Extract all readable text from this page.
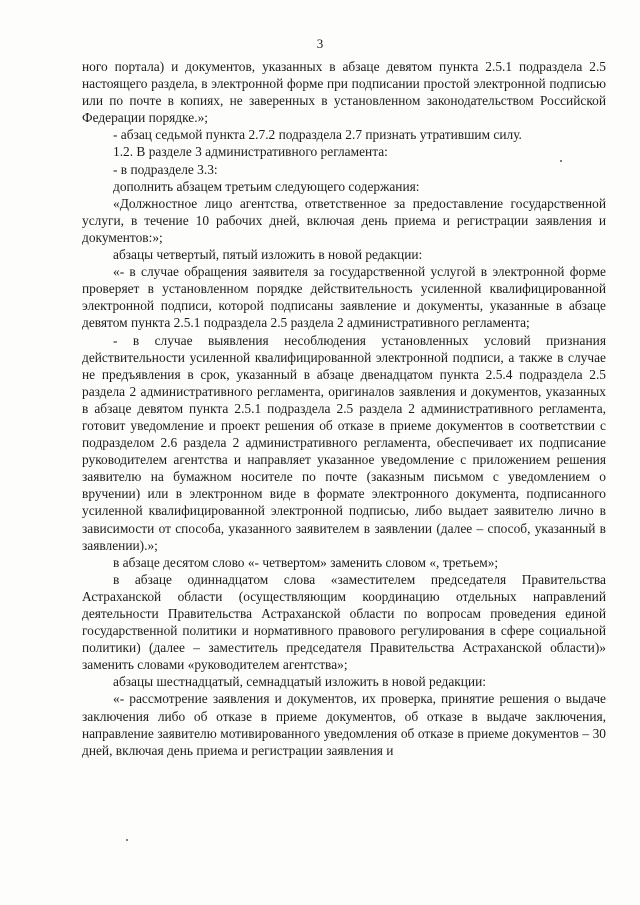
3

ного портала) и документов, указанных в абзаце девятом пункта 2.5.1 подраздела 2.5 настоящего раздела, в электронной форме при подписании простой электронной подписью или по почте в копиях, не заверенных в установленном законодательством Российской Федерации порядке.»;

- абзац седьмой пункта 2.7.2 подраздела 2.7 признать утратившим силу.

1.2. В разделе 3 административного регламента:

- в подразделе 3.3:

дополнить абзацем третьим следующего содержания:

«Должностное лицо агентства, ответственное за предоставление государственной услуги, в течение 10 рабочих дней, включая день приема и регистрации заявления и документов:»;

абзацы четвертый, пятый изложить в новой редакции:

«- в случае обращения заявителя за государственной услугой в электронной форме проверяет в установленном порядке действительность усиленной квалифицированной электронной подписи, которой подписаны заявление и документы, указанные в абзаце девятом пункта 2.5.1 подраздела 2.5 раздела 2 административного регламента;

- в случае выявления несоблюдения установленных условий признания действительности усиленной квалифицированной электронной подписи, а также в случае не предъявления в срок, указанный в абзаце двенадцатом пункта 2.5.4 подраздела 2.5 раздела 2 административного регламента, оригиналов заявления и документов, указанных в абзаце девятом пункта 2.5.1 подраздела 2.5 раздела 2 административного регламента, готовит уведомление и проект решения об отказе в приеме документов в соответствии с подразделом 2.6 раздела 2 административного регламента, обеспечивает их подписание руководителем агентства и направляет указанное уведомление с приложением решения заявителю на бумажном носителе по почте (заказным письмом с уведомлением о вручении) или в электронном виде в формате электронного документа, подписанного усиленной квалифицированной электронной подписью, либо выдает заявителю лично в зависимости от способа, указанного заявителем в заявлении (далее – способ, указанный в заявлении).»;

в абзаце десятом слово «- четвертом» заменить словом «, третьем»;

в абзаце одиннадцатом слова «заместителем председателя Правительства Астраханской области (осуществляющим координацию отдельных направлений деятельности Правительства Астраханской области по вопросам проведения единой государственной политики и нормативного правового регулирования в сфере социальной политики) (далее – заместитель председателя Правительства Астраханской области)» заменить словами «руководителем агентства»;

абзацы шестнадцатый, семнадцатый изложить в новой редакции:

«- рассмотрение заявления и документов, их проверка, принятие решения о выдаче заключения либо об отказе в приеме документов, об отказе в выдаче заключения, направление заявителю мотивированного уведомления об отказе в приеме документов – 30 дней, включая день приема и регистрации заявления и
